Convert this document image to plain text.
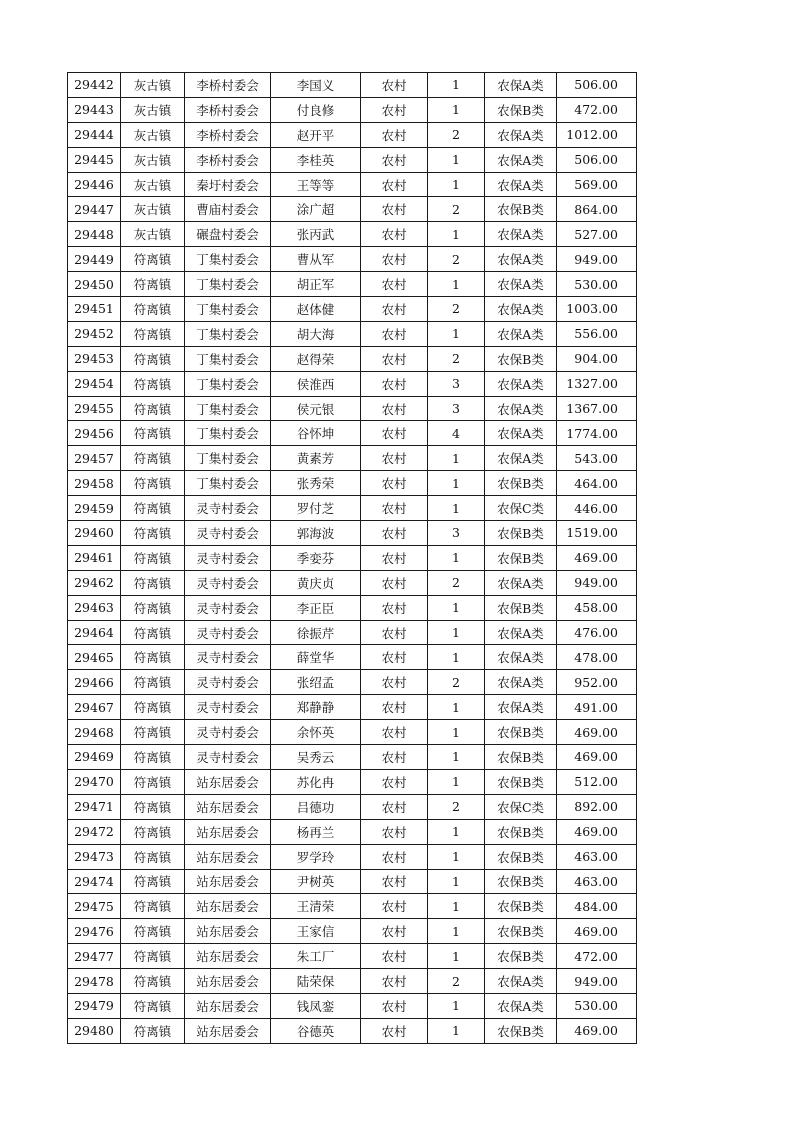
29442	灰古镇	李桥村委会	李国义	农村	1	农保A类	506.00
29443	灰古镇	李桥村委会	付良修	农村	1	农保B类	472.00
29444	灰古镇	李桥村委会	赵开平	农村	2	农保A类	1012.00
29445	灰古镇	李桥村委会	李桂英	农村	1	农保A类	506.00
29446	灰古镇	秦圩村委会	王等等	农村	1	农保A类	569.00
29447	灰古镇	曹庙村委会	涂广超	农村	2	农保B类	864.00
29448	灰古镇	碾盘村委会	张丙武	农村	1	农保A类	527.00
29449	符离镇	丁集村委会	曹从军	农村	2	农保A类	949.00
29450	符离镇	丁集村委会	胡正军	农村	1	农保A类	530.00
29451	符离镇	丁集村委会	赵体健	农村	2	农保A类	1003.00
29452	符离镇	丁集村委会	胡大海	农村	1	农保A类	556.00
29453	符离镇	丁集村委会	赵得荣	农村	2	农保B类	904.00
29454	符离镇	丁集村委会	侯淮西	农村	3	农保A类	1327.00
29455	符离镇	丁集村委会	侯元银	农村	3	农保A类	1367.00
29456	符离镇	丁集村委会	谷怀坤	农村	4	农保A类	1774.00
29457	符离镇	丁集村委会	黄素芳	农村	1	农保A类	543.00
29458	符离镇	丁集村委会	张秀荣	农村	1	农保B类	464.00
29459	符离镇	灵寺村委会	罗付芝	农村	1	农保C类	446.00
29460	符离镇	灵寺村委会	郭海波	农村	3	农保B类	1519.00
29461	符离镇	灵寺村委会	季娈芬	农村	1	农保B类	469.00
29462	符离镇	灵寺村委会	黄庆贞	农村	2	农保A类	949.00
29463	符离镇	灵寺村委会	李正臣	农村	1	农保B类	458.00
29464	符离镇	灵寺村委会	徐振芹	农村	1	农保A类	476.00
29465	符离镇	灵寺村委会	薛堂华	农村	1	农保A类	478.00
29466	符离镇	灵寺村委会	张绍孟	农村	2	农保A类	952.00
29467	符离镇	灵寺村委会	郑静静	农村	1	农保A类	491.00
29468	符离镇	灵寺村委会	余怀英	农村	1	农保B类	469.00
29469	符离镇	灵寺村委会	吴秀云	农村	1	农保B类	469.00
29470	符离镇	站东居委会	苏化冉	农村	1	农保B类	512.00
29471	符离镇	站东居委会	吕德功	农村	2	农保C类	892.00
29472	符离镇	站东居委会	杨再兰	农村	1	农保B类	469.00
29473	符离镇	站东居委会	罗学玲	农村	1	农保B类	463.00
29474	符离镇	站东居委会	尹树英	农村	1	农保B类	463.00
29475	符离镇	站东居委会	王清荣	农村	1	农保B类	484.00
29476	符离镇	站东居委会	王家信	农村	1	农保B类	469.00
29477	符离镇	站东居委会	朱工厂	农村	1	农保B类	472.00
29478	符离镇	站东居委会	陆荣保	农村	2	农保A类	949.00
29479	符离镇	站东居委会	钱凤銮	农村	1	农保A类	530.00
29480	符离镇	站东居委会	谷德英	农村	1	农保B类	469.00
